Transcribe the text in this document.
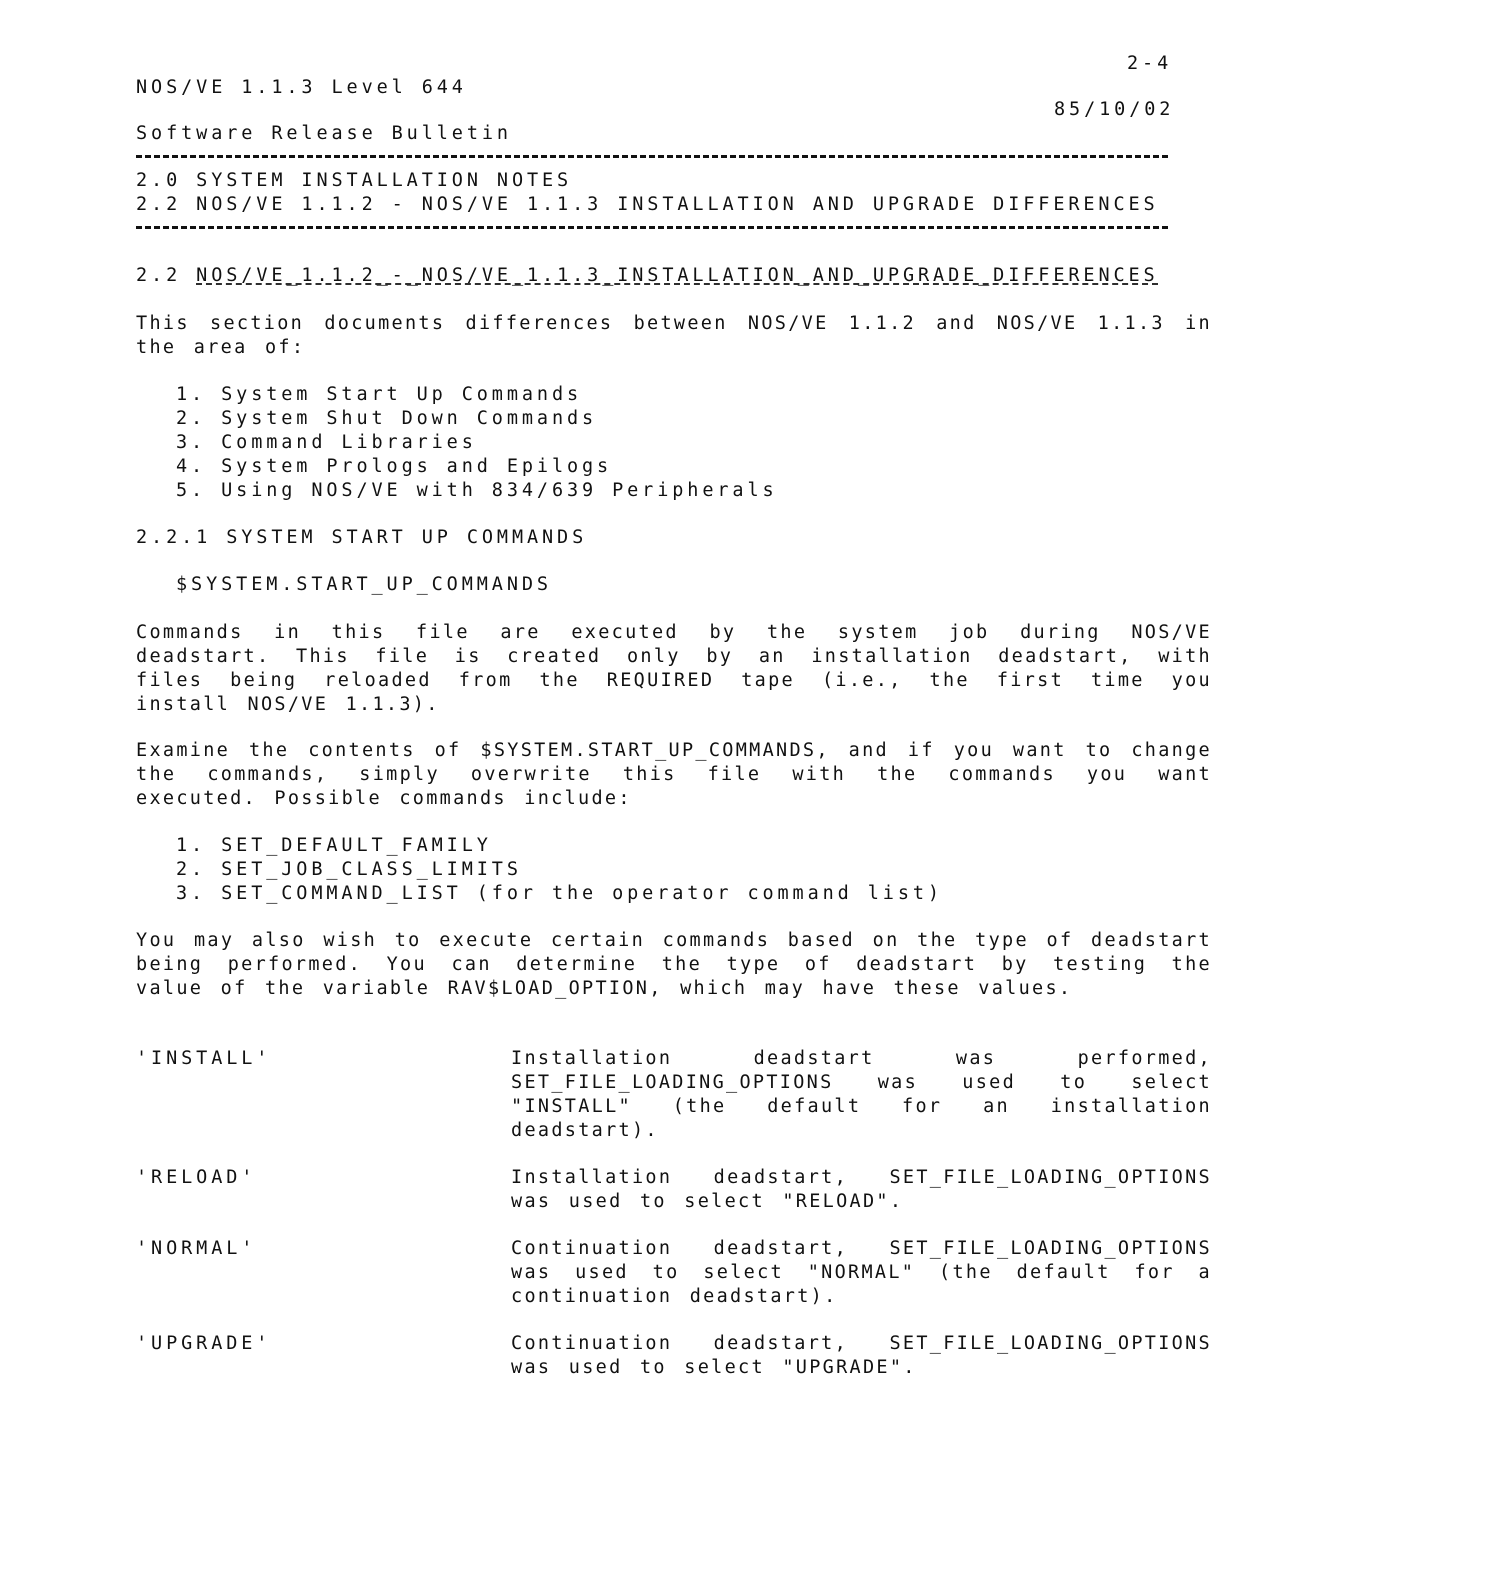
2-4
NOS/VE 1.1.3 Level 644
85/10/02
Software Release Bulletin
2.0 SYSTEM INSTALLATION NOTES
2.2 NOS/VE 1.1.2 - NOS/VE 1.1.3 INSTALLATION AND UPGRADE DIFFERENCES
2.2 NOS/VE_1.1.2_-_NOS/VE_1.1.3_INSTALLATION_AND_UPGRADE_DIFFERENCES
This section documents differences between NOS/VE 1.1.2 and NOS/VE 1.1.3 in the area of:
1. System Start Up Commands
2. System Shut Down Commands
3. Command Libraries
4. System Prologs and Epilogs
5. Using NOS/VE with 834/639 Peripherals
2.2.1 SYSTEM START UP COMMANDS
$SYSTEM.START_UP_COMMANDS
Commands in this file are executed by the system job during NOS/VE deadstart. This file is created only by an installation deadstart, with files being reloaded from the REQUIRED tape (i.e., the first time you install NOS/VE 1.1.3).
Examine the contents of $SYSTEM.START_UP_COMMANDS, and if you want to change the commands, simply overwrite this file with the commands you want executed. Possible commands include:
1. SET_DEFAULT_FAMILY
2. SET_JOB_CLASS_LIMITS
3. SET_COMMAND_LIST (for the operator command list)
You may also wish to execute certain commands based on the type of deadstart being performed. You can determine the type of deadstart by testing the value of the variable RAV$LOAD_OPTION, which may have these values.
'INSTALL'	Installation deadstart was performed, SET_FILE_LOADING_OPTIONS was used to select "INSTALL" (the default for an installation deadstart).
'RELOAD'	Installation deadstart, SET_FILE_LOADING_OPTIONS was used to select "RELOAD".
'NORMAL'	Continuation deadstart, SET_FILE_LOADING_OPTIONS was used to select "NORMAL" (the default for a continuation deadstart).
'UPGRADE'	Continuation deadstart, SET_FILE_LOADING_OPTIONS was used to select "UPGRADE".
